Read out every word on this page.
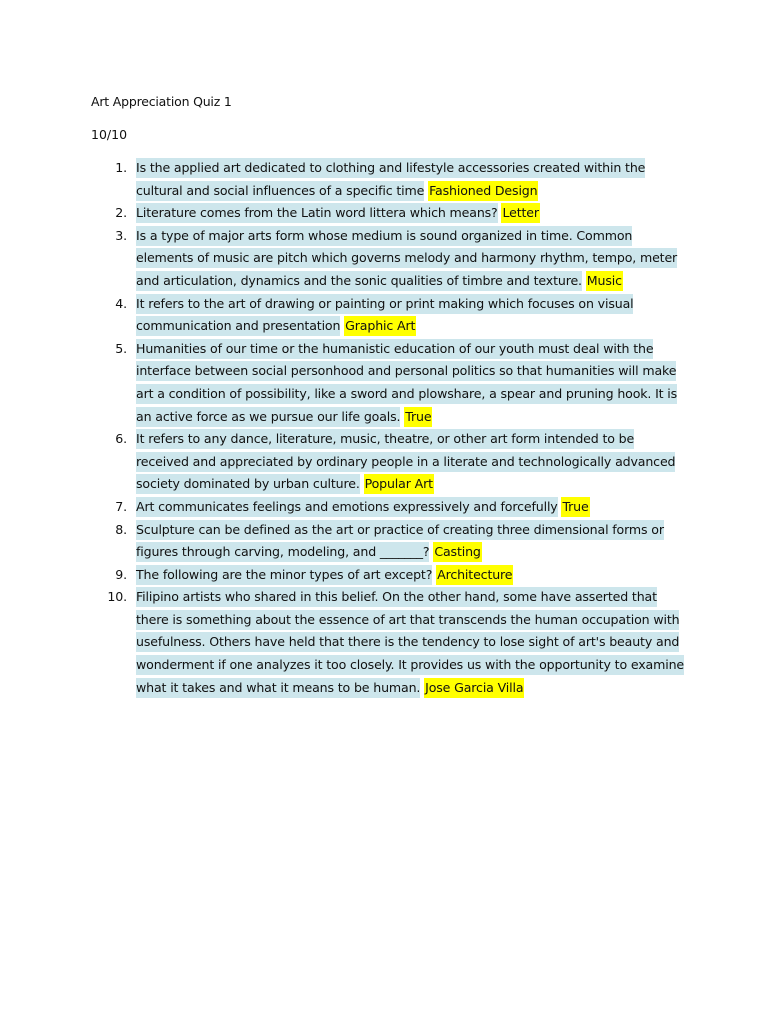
Art Appreciation Quiz 1
10/10
1. Is the applied art dedicated to clothing and lifestyle accessories created within the cultural and social influences of a specific time Fashioned Design
2. Literature comes from the Latin word littera which means? Letter
3. Is a type of major arts form whose medium is sound organized in time. Common elements of music are pitch which governs melody and harmony rhythm, tempo, meter and articulation, dynamics and the sonic qualities of timbre and texture. Music
4. It refers to the art of drawing or painting or print making which focuses on visual communication and presentation Graphic Art
5. Humanities of our time or the humanistic education of our youth must deal with the interface between social personhood and personal politics so that humanities will make art a condition of possibility, like a sword and plowshare, a spear and pruning hook. It is an active force as we pursue our life goals. True
6. It refers to any dance, literature, music, theatre, or other art form intended to be received and appreciated by ordinary people in a literate and technologically advanced society dominated by urban culture. Popular Art
7. Art communicates feelings and emotions expressively and forcefully True
8. Sculpture can be defined as the art or practice of creating three dimensional forms or figures through carving, modeling, and _______? Casting
9. The following are the minor types of art except? Architecture
10. Filipino artists who shared in this belief. On the other hand, some have asserted that there is something about the essence of art that transcends the human occupation with usefulness. Others have held that there is the tendency to lose sight of art's beauty and wonderment if one analyzes it too closely. It provides us with the opportunity to examine what it takes and what it means to be human. Jose Garcia Villa
